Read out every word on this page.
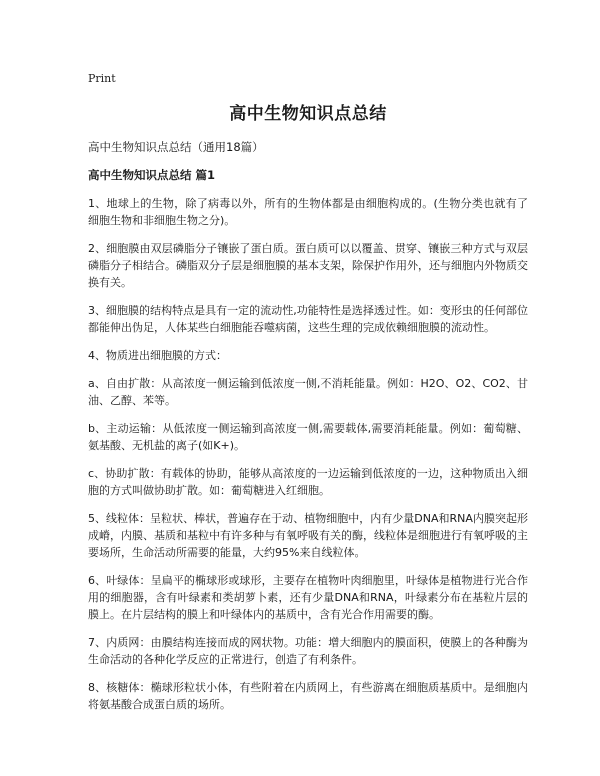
Print
高中生物知识点总结

高中生物知识点总结（通用18篇）

高中生物知识点总结 篇1

1、地球上的生物，除了病毒以外，所有的生物体都是由细胞构成的。(生物分类也就有了细胞生物和非细胞生物之分)。

2、细胞膜由双层磷脂分子镶嵌了蛋白质。蛋白质可以以覆盖、贯穿、镶嵌三种方式与双层磷脂分子相结合。磷脂双分子层是细胞膜的基本支架，除保护作用外，还与细胞内外物质交换有关。

3、细胞膜的结构特点是具有一定的流动性,功能特性是选择透过性。如：变形虫的任何部位都能伸出伪足，人体某些白细胞能吞噬病菌，这些生理的完成依赖细胞膜的流动性。

4、物质进出细胞膜的方式：

a、自由扩散：从高浓度一侧运输到低浓度一侧,不消耗能量。例如：H2O、O2、CO2、甘油、乙醇、苯等。

b、主动运输：从低浓度一侧运输到高浓度一侧,需要载体,需要消耗能量。例如：葡萄糖、氨基酸、无机盐的离子(如K+)。

c、协助扩散：有载体的协助，能够从高浓度的一边运输到低浓度的一边，这种物质出入细胞的方式叫做协助扩散。如：葡萄糖进入红细胞。

5、线粒体：呈粒状、棒状，普遍存在于动、植物细胞中，内有少量DNA和RNA内膜突起形成嵴，内膜、基质和基粒中有许多种与有氧呼吸有关的酶，线粒体是细胞进行有氧呼吸的主要场所，生命活动所需要的能量，大约95%来自线粒体。

6、叶绿体：呈扁平的椭球形或球形，主要存在植物叶肉细胞里，叶绿体是植物进行光合作用的细胞器，含有叶绿素和类胡萝卜素，还有少量DNA和RNA，叶绿素分布在基粒片层的膜上。在片层结构的膜上和叶绿体内的基质中，含有光合作用需要的酶。

7、内质网：由膜结构连接而成的网状物。功能：增大细胞内的膜面积，使膜上的各种酶为生命活动的各种化学反应的正常进行，创造了有利条件。

8、核糖体：椭球形粒状小体，有些附着在内质网上，有些游离在细胞质基质中。是细胞内将氨基酸合成蛋白质的场所。
